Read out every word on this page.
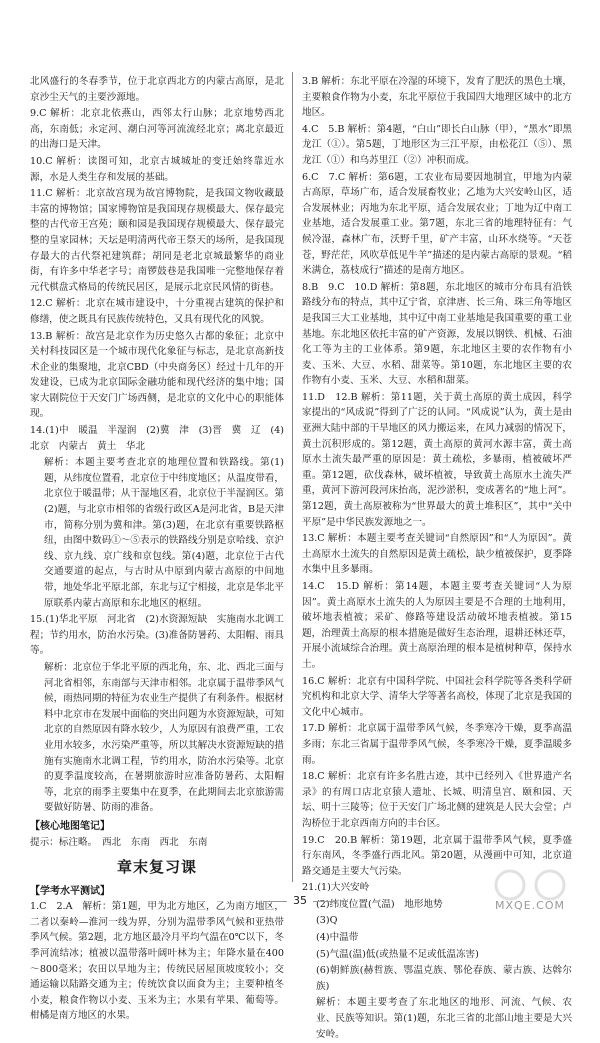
北风盛行的冬春季节，位于北京西北方的内蒙古高原，是北京沙尘天气的主要沙源地。

9.C 解析：北京北依燕山，西邻太行山脉；北京地势西北高，东南低；永定河、潮白河等河流流经北京；离北京最近的出海口是天津。

10.C 解析：读图可知，北京古城城址的变迁始终靠近水源，水是人类生存和发展的基础。

11.C 解析：北京故宫现为故宫博物院，是我国文物收藏最丰富的博物馆；国家博物馆是我国现存规模最大、保存最完整的古代帝王宫苑；颐和园是我国现存规模最大、保存最完整的皇家园林；天坛是明清两代帝王祭天的场所，是我国现存最大的古代祭祀建筑群；胡同是老北京城最繁华的商业街，有许多中华老字号；南锣鼓巷是我国唯一完整地保存着元代棋盘式格局的传统民居区，是展示北京民风情的街巷。

12.C 解析：北京在城市建设中，十分重视古建筑的保护和修缮，使之既具有民族传统特色，又具有现代化的风貌。

13.B 解析：故宫是北京作为历史悠久古都的象征；北京中关村科技园区是一个城市现代化象征与标志，是北京高新技术企业的集聚地，北京CBD（中央商务区）经过十几年的开发建设，已成为北京国际金融功能和现代经济的集中地；国家大剧院位于天安门广场西侧，是北京的文化中心的职能体现。

14.(1)中　暖温　半湿润　(2)冀　津　(3)晋　冀　辽　(4)北京　内蒙古　黄土　华北

解析：本题主要考查北京的地理位置和铁路线。第(1)题，从纬度位置看，北京位于中纬度地区；从温度带看，北京位于暖温带；从干湿地区看，北京位于半湿润区。第(2)题，与北京市相邻的省级行政区A是河北省，B是天津市，简称分别为冀和津。第(3)题，在北京有重要铁路枢纽，由图中数码①～⑤表示的铁路线分别是京哈线、京沪线、京九线、京广线和京包线。第(4)题，北京位于古代交通要道的起点，与古时从中原到内蒙古高原的中间地带，地处华北平原北部，东北与辽宁相接，北京是华北平原联系内蒙古高原和东北地区的枢纽。

15.(1)华北平原　河北省　(2)水资源短缺　实施南水北调工程；节约用水，防治水污染。(3)准备防暑药、太阳帽、雨具等。

解析：北京位于华北平原的西北角，东、北、西北三面与河北省相邻，东南部与天津市相邻。北京属于温带季风气候，雨热同期的特征为农业生产提供了有利条件。根据材料中北京市在发展中面临的突出问题为水资源短缺，可知北京的自然原因有降水较少，人为原因有浪费严重，工农业用水较多，水污染严重等，所以其解决水资源短缺的措施有实施南水北调工程，节约用水，防治水污染等。北京的夏季温度较高，在暑期旅游时应准备防暑药、太阳帽等，北京的雨季主要集中在夏季，在此期间去北京旅游需要做好防暑、防雨的准备。

【核心地图笔记】

提示：标注略。　西北　东南　西北　东南

章末复习课
【学考水平测试】

1.C　2.A　解析：第1题，甲为北方地区，乙为南方地区，二者以秦岭—淮河一线为界，分别为温带季风气候和亚热带季风气候。第2题，北方地区最冷月平均气温在0℃以下，冬季河流结冰；植被以温带落叶阔叶林为主；年降水量在400～800毫米；农田以旱地为主；传统民居屋顶坡度较小；交通运输以陆路交通为主；传统饮食以面食为主；主要种植冬小麦，粮食作物以小麦、玉米为主；水果有苹果、葡萄等。柑橘是南方地区的水果。

3.B 解析：东北平原在冷湿的环境下，发育了肥沃的黑色土壤，主要粮食作物为小麦，东北平原位于我国四大地理区域中的北方地区。

4.C　5.B 解析：第4题，“白山”即长白山脉（甲），“黑水”即黑龙江（①）。第5题，丁地形区为三江平原，由松花江（⑤）、黑龙江（①）和乌苏里江（②）冲积而成。

6.C　7.C 解析：第6题，工农业布局要因地制宜，甲地为内蒙古高原，草场广布，适合发展畜牧业；乙地为大兴安岭山区，适合发展林业；丙地为东北平原，适合发展农业；丁地为辽中南工业基地，适合发展重工业。第7题，东北三省的地理特征有：气候冷湿，森林广布，沃野千里，矿产丰富，山环水绕等。“天苍苍，野茫茫，风吹草低见牛羊”描述的是内蒙古高原的景观。“稻米满仓，荔枝成行”描述的是南方地区。

8.B　9.C　10.D 解析：第8题，东北地区的城市分布具有沿铁路线分布的特点，其中辽宁省，京津唐、长三角、珠三角等地区是我国三大工业基地，其中辽中南工业基地是我国重要的重工业基地。东北地区依托丰富的矿产资源，发展以钢铁、机械、石油化工等为主的工业体系。第9题，东北地区主要的农作物有小麦、玉米、大豆、水稻、甜菜等。第10题，东北地区主要的农作物有小麦、玉米、大豆、水稻和甜菜。

11.D　12.B 解析：第11题，关于黄土高原的黄土成因，科学家提出的“风成说”得到了广泛的认同。“风成说”认为，黄土是由亚洲大陆中部的干旱地区的风力搬运来，在风力减弱的情况下，黄土沉积形成的。第12题，黄土高原的黄河水源丰富，黄土高原水土流失最严重的原因是：黄土疏松，多暴雨，植被破坏严重。第12题，砍伐森林，破坏植被，导致黄土高原水土流失严重，黄河下游河段河床抬高，泥沙淤积，变成著名的“地上河”。第12题，黄土高原被称为“世界最大的黄土堆积区”，其中“关中平原”是中华民族发源地之一。

13.C 解析：本题主要考查关键词“自然原因”和“人为原因”。黄土高原水土流失的自然原因是黄土疏松，缺少植被保护，夏季降水集中且多暴雨。

14.C　15.D 解析：第14题，本题主要考查关键词“人为原因”。黄土高原水土流失的人为原因主要是不合理的土地利用，破坏地表植被；采矿、修路等建设活动破坏地表植被。第15题，治理黄土高原的根本措施是做好生态治理，退耕还林还草，开展小流域综合治理。黄土高原治理的根本是植树种草，保持水土。

16.C 解析：北京有中国科学院、中国社会科学院等各类科学研究机构和北京大学、清华大学等著名高校，体现了北京是我国的文化中心城市。

17.D 解析：北京属于温带季风气候，冬季寒冷干燥，夏季高温多雨；东北三省属于温带季风气候，冬季寒冷干燥，夏季温暖多雨。

18.C 解析：北京有许多名胜古迹，其中已经列入《世界遗产名录》的有周口店北京猿人遗址、长城、明清皇宫、颐和园、天坛、明十三陵等；位于天安门广场北侧的建筑是人民大会堂；卢沟桥位于北京西南方向的丰台区。

19.C　20.B 解析：第19题，北京属于温带季风气候，夏季盛行东南风，冬季盛行西北风。第20题，从漫画中可知，北京道路交通是主要大气污染。

21.(1)大兴安岭

(2)纬度位置(气温)　地形地势

(3)Q

(4)中温带

(5)气温(温)低(或热量不足或低温冻害)

(6)朝鲜族(赫哲族、鄂温克族、鄂伦春族、蒙古族、达斡尔族)

解析：本题主要考查了东北地区的地形、河流、气候、农业、民族等知识。第(1)题，东北三省的北部山地主要是大兴安岭。

35	MXQE.COM
